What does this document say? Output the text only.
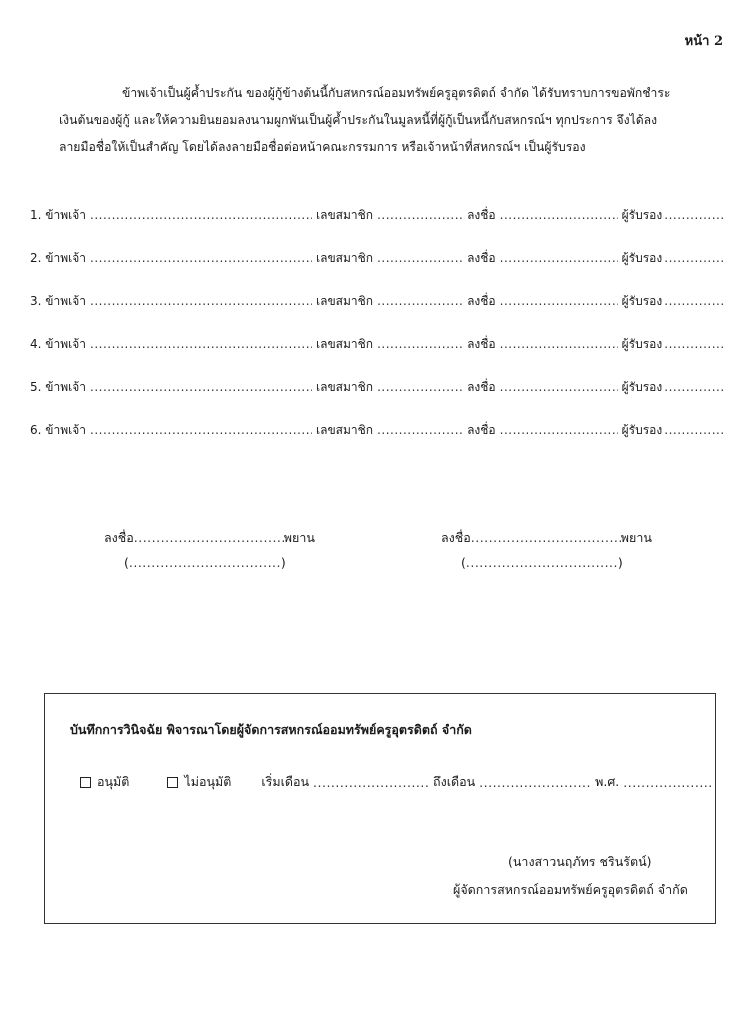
หน้า 2
ข้าพเจ้าเป็นผู้ค้ำประกัน ของผู้กู้ข้างต้นนี้กับสหกรณ์ออมทรัพย์ครูอุตรดิตถ์ จำกัด ได้รับทราบการขอพักชำระ
เงินต้นของผู้กู้ และให้ความยินยอมลงนามผูกพันเป็นผู้ค้ำประกันในมูลหนี้ที่ผู้กู้เป็นหนี้กับสหกรณ์ฯ ทุกประการ จึงได้ลง
ลายมือชื่อให้เป็นสำคัญ โดยได้ลงลายมือชื่อต่อหน้าคณะกรรมการ หรือเจ้าหน้าที่สหกรณ์ฯ เป็นผู้รับรอง
1.
ข้าพเจ้า .....	เลขสมาชิก .....	ลงชื่อ .....	ผู้รับรอง
.....
2.
ข้าพเจ้า .....	เลขสมาชิก .....	ลงชื่อ .....	ผู้รับรอง
.....
3.
ข้าพเจ้า .....	เลขสมาชิก .....	ลงชื่อ .....	ผู้รับรอง
.....
4.
ข้าพเจ้า .....	เลขสมาชิก .....	ลงชื่อ .....	ผู้รับรอง
.....
5.
ข้าพเจ้า .....	เลขสมาชิก .....	ลงชื่อ .....	ผู้รับรอง
.....
6.
ข้าพเจ้า .....	เลขสมาชิก .....	ลงชื่อ .....	ผู้รับรอง
.....
ลงชื่อ .....	พยาน
( .....	)
ลงชื่อ .....	พยาน
( .....	)
บันทึกการวินิจฉัย พิจารณาโดยผู้จัดการสหกรณ์ออมทรัพย์ครูอุตรดิตถ์ จำกัด
อนุมัติ	ไม่อนุมัติ เริ่มเดือน .....	ถึงเดือน .....	พ.ศ.
.....
(นางสาวนฤภัทร ชรินรัตน์)
ผู้จัดการสหกรณ์ออมทรัพย์ครูอุตรดิตถ์ จำกัด
